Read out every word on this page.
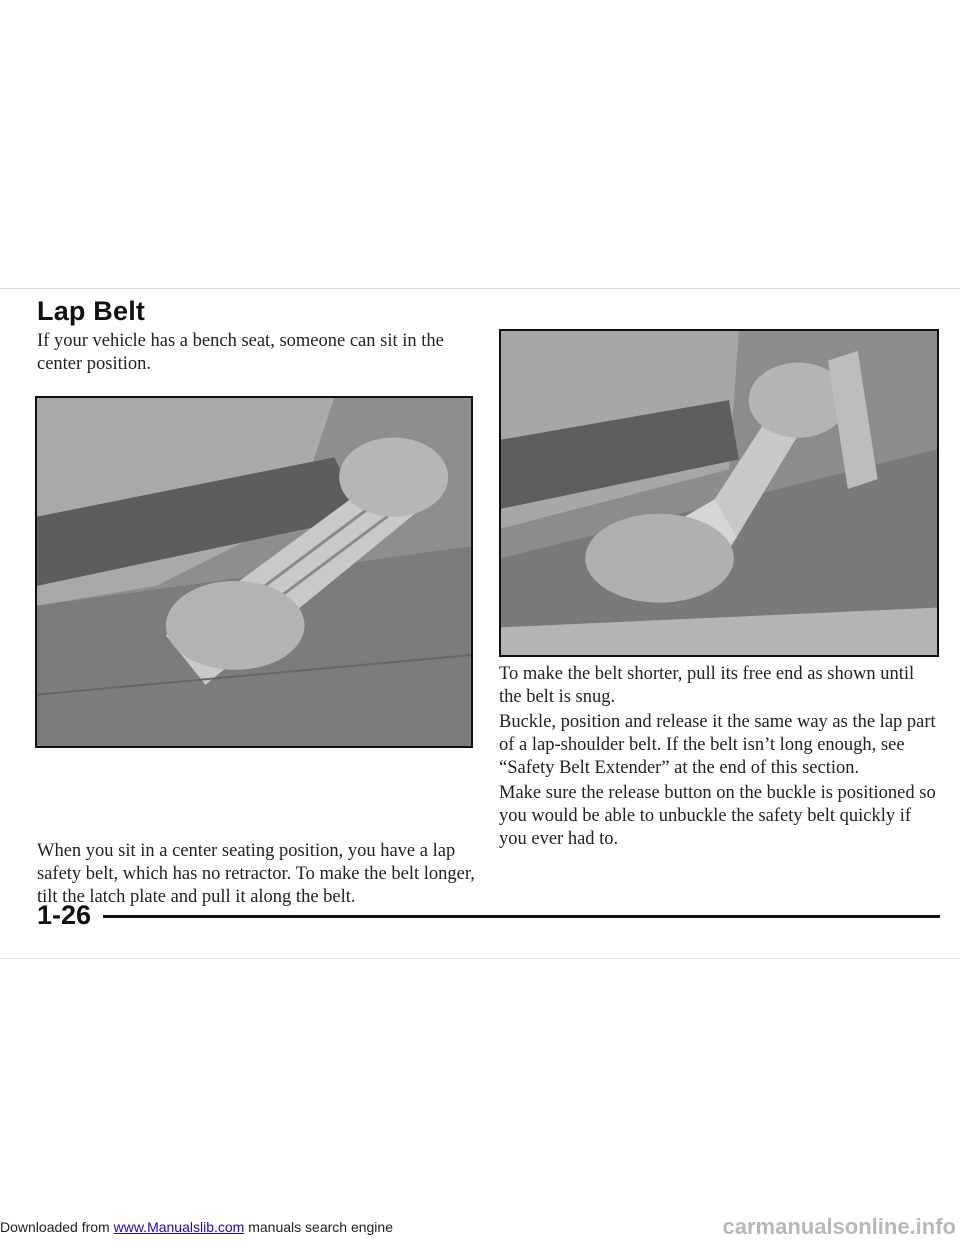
Lap Belt

If your vehicle has a bench seat, someone can sit in the center position.

When you sit in a center seating position, you have a lap safety belt, which has no retractor. To make the belt longer, tilt the latch plate and pull it along the belt.

To make the belt shorter, pull its free end as shown until the belt is snug.

Buckle, position and release it the same way as the lap part of a lap-shoulder belt. If the belt isn’t long enough, see “Safety Belt Extender” at the end of this section.

Make sure the release button on the buckle is positioned so you would be able to unbuckle the safety belt quickly if you ever had to.

1-26

Downloaded from www.Manualslib.com manuals search engine	carmanualsonline.info
